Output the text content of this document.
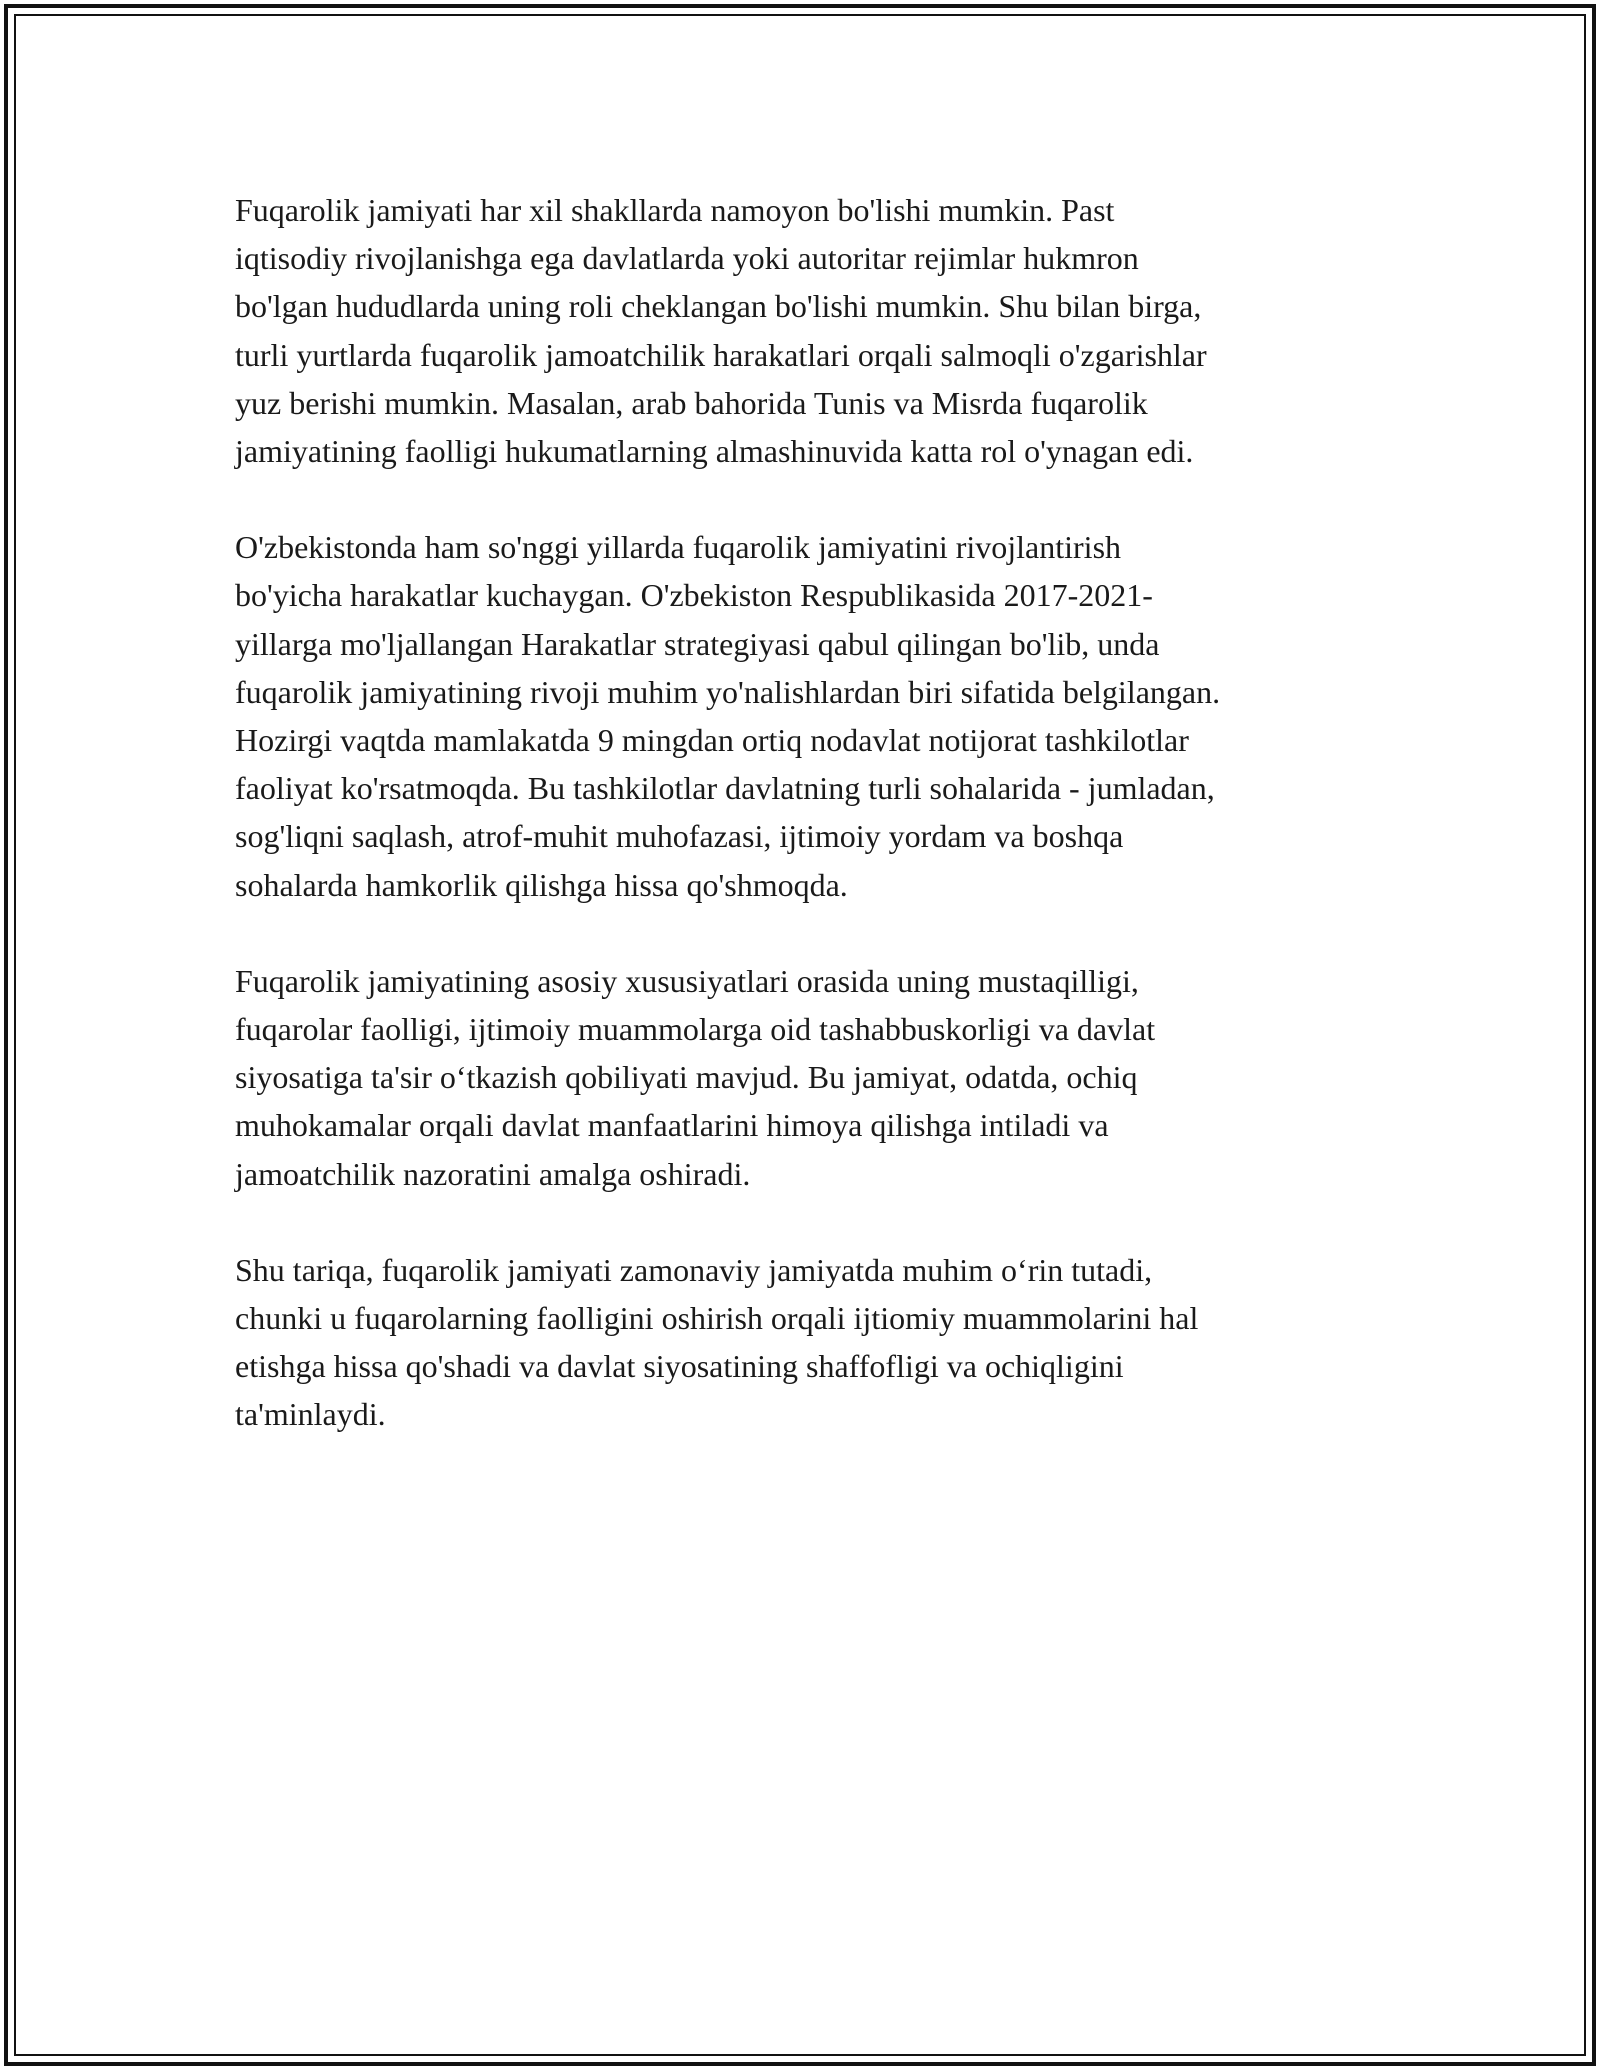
Fuqarolik jamiyati har xil shakllarda namoyon bo'lishi mumkin. Past
iqtisodiy rivojlanishga ega davlatlarda yoki autoritar rejimlar hukmron
bo'lgan hududlarda uning roli cheklangan bo'lishi mumkin. Shu bilan birga,
turli yurtlarda fuqarolik jamoatchilik harakatlari orqali salmoqli o'zgarishlar
yuz berishi mumkin. Masalan, arab bahorida Tunis va Misrda fuqarolik
jamiyatining faolligi hukumatlarning almashinuvida katta rol o'ynagan edi.

O'zbekistonda ham so'nggi yillarda fuqarolik jamiyatini rivojlantirish
bo'yicha harakatlar kuchaygan. O'zbekiston Respublikasida 2017-2021-
yillarga mo'ljallangan Harakatlar strategiyasi qabul qilingan bo'lib, unda
fuqarolik jamiyatining rivoji muhim yo'nalishlardan biri sifatida belgilangan.
Hozirgi vaqtda mamlakatda 9 mingdan ortiq nodavlat notijorat tashkilotlar
faoliyat ko'rsatmoqda. Bu tashkilotlar davlatning turli sohalarida - jumladan,
sog'liqni saqlash, atrof-muhit muhofazasi, ijtimoiy yordam va boshqa
sohalarda hamkorlik qilishga hissa qo'shmoqda.

Fuqarolik jamiyatining asosiy xususiyatlari orasida uning mustaqilligi,
fuqarolar faolligi, ijtimoiy muammolarga oid tashabbuskorligi va davlat
siyosatiga ta'sir o‘tkazish qobiliyati mavjud. Bu jamiyat, odatda, ochiq
muhokamalar orqali davlat manfaatlarini himoya qilishga intiladi va
jamoatchilik nazoratini amalga oshiradi.

Shu tariqa, fuqarolik jamiyati zamonaviy jamiyatda muhim o‘rin tutadi,
chunki u fuqarolarning faolligini oshirish orqali ijtiomiy muammolarini hal
etishga hissa qo'shadi va davlat siyosatining shaffofligi va ochiqligini
ta'minlaydi.
